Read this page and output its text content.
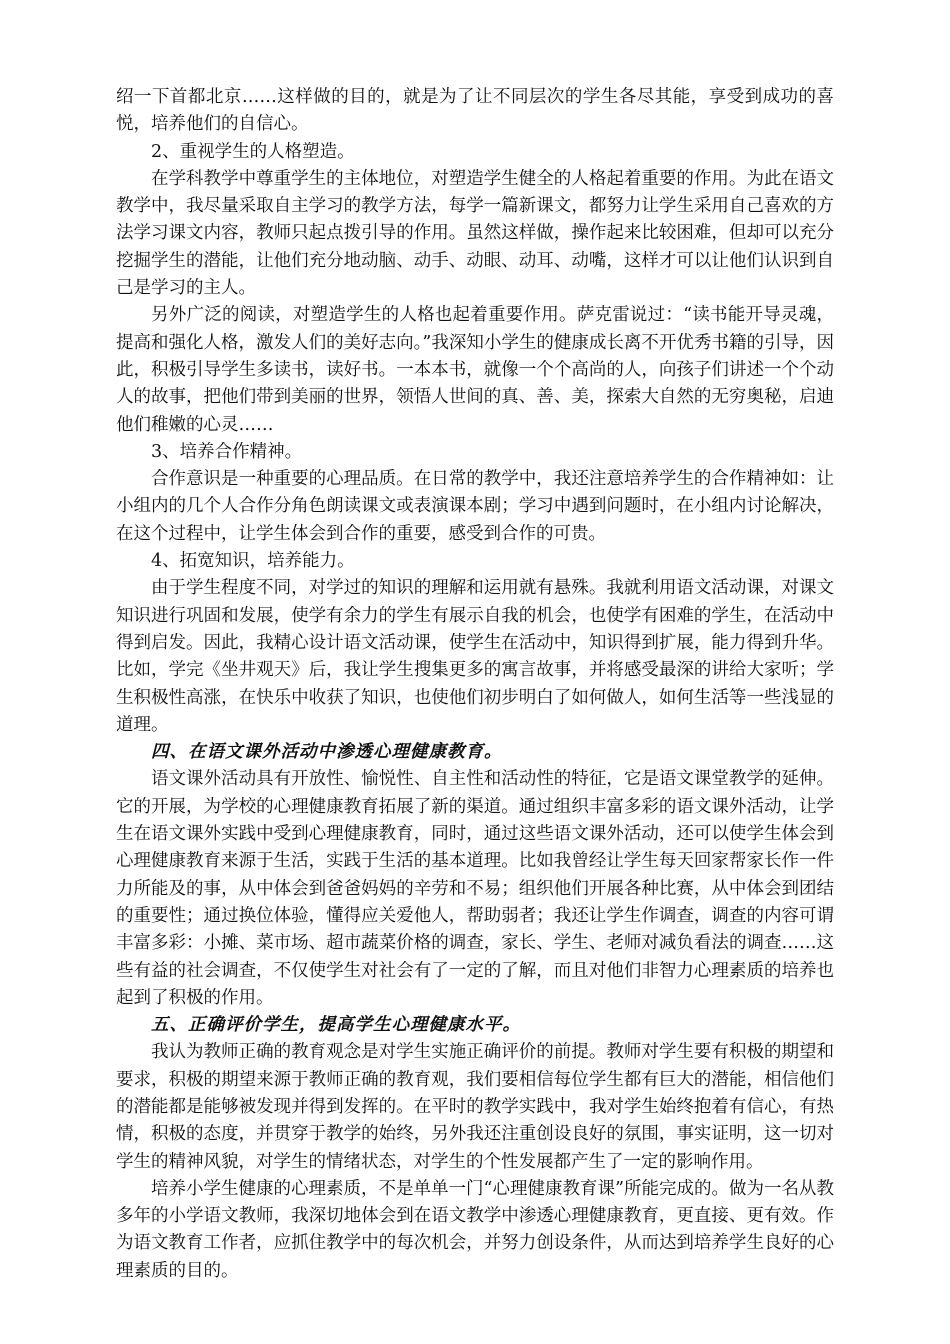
绍一下首都北京……这样做的目的，就是为了让不同层次的学生各尽其能，享受到成功的喜悦，培养他们的自信心。

2、重视学生的人格塑造。

在学科教学中尊重学生的主体地位，对塑造学生健全的人格起着重要的作用。为此在语文教学中，我尽量采取自主学习的教学方法，每学一篇新课文，都努力让学生采用自己喜欢的方法学习课文内容，教师只起点拨引导的作用。虽然这样做，操作起来比较困难，但却可以充分挖掘学生的潜能，让他们充分地动脑、动手、动眼、动耳、动嘴，这样才可以让他们认识到自己是学习的主人。

另外广泛的阅读，对塑造学生的人格也起着重要作用。萨克雷说过：“读书能开导灵魂，提高和强化人格，激发人们的美好志向。”我深知小学生的健康成长离不开优秀书籍的引导，因此，积极引导学生多读书，读好书。一本本书，就像一个个高尚的人，向孩子们讲述一个个动人的故事，把他们带到美丽的世界，领悟人世间的真、善、美，探索大自然的无穷奥秘，启迪他们稚嫩的心灵……

3、培养合作精神。

合作意识是一种重要的心理品质。在日常的教学中，我还注意培养学生的合作精神如：让小组内的几个人合作分角色朗读课文或表演课本剧；学习中遇到问题时，在小组内讨论解决，在这个过程中，让学生体会到合作的重要，感受到合作的可贵。

4、拓宽知识，培养能力。

由于学生程度不同，对学过的知识的理解和运用就有悬殊。我就利用语文活动课，对课文知识进行巩固和发展，使学有余力的学生有展示自我的机会，也使学有困难的学生，在活动中得到启发。因此，我精心设计语文活动课，使学生在活动中，知识得到扩展，能力得到升华。比如，学完《坐井观天》后，我让学生搜集更多的寓言故事，并将感受最深的讲给大家听；学生积极性高涨，在快乐中收获了知识，也使他们初步明白了如何做人，如何生活等一些浅显的道理。

四、在语文课外活动中渗透心理健康教育。

语文课外活动具有开放性、愉悦性、自主性和活动性的特征，它是语文课堂教学的延伸。它的开展，为学校的心理健康教育拓展了新的渠道。通过组织丰富多彩的语文课外活动，让学生在语文课外实践中受到心理健康教育，同时，通过这些语文课外活动，还可以使学生体会到心理健康教育来源于生活，实践于生活的基本道理。比如我曾经让学生每天回家帮家长作一件力所能及的事，从中体会到爸爸妈妈的辛劳和不易；组织他们开展各种比赛，从中体会到团结的重要性；通过换位体验，懂得应关爱他人，帮助弱者；我还让学生作调查，调查的内容可谓丰富多彩：小摊、菜市场、超市蔬菜价格的调查，家长、学生、老师对减负看法的调查……这些有益的社会调查，不仅使学生对社会有了一定的了解，而且对他们非智力心理素质的培养也起到了积极的作用。

五、正确评价学生，提高学生心理健康水平。

我认为教师正确的教育观念是对学生实施正确评价的前提。教师对学生要有积极的期望和要求，积极的期望来源于教师正确的教育观，我们要相信每位学生都有巨大的潜能，相信他们的潜能都是能够被发现并得到发挥的。在平时的教学实践中，我对学生始终抱着有信心，有热情，积极的态度，并贯穿于教学的始终，另外我还注重创设良好的氛围，事实证明，这一切对学生的精神风貌，对学生的情绪状态，对学生的个性发展都产生了一定的影响作用。

培养小学生健康的心理素质，不是单单一门“心理健康教育课”所能完成的。做为一名从教多年的小学语文教师，我深切地体会到在语文教学中渗透心理健康教育，更直接、更有效。作为语文教育工作者，应抓住教学中的每次机会，并努力创设条件，从而达到培养学生良好的心理素质的目的。
